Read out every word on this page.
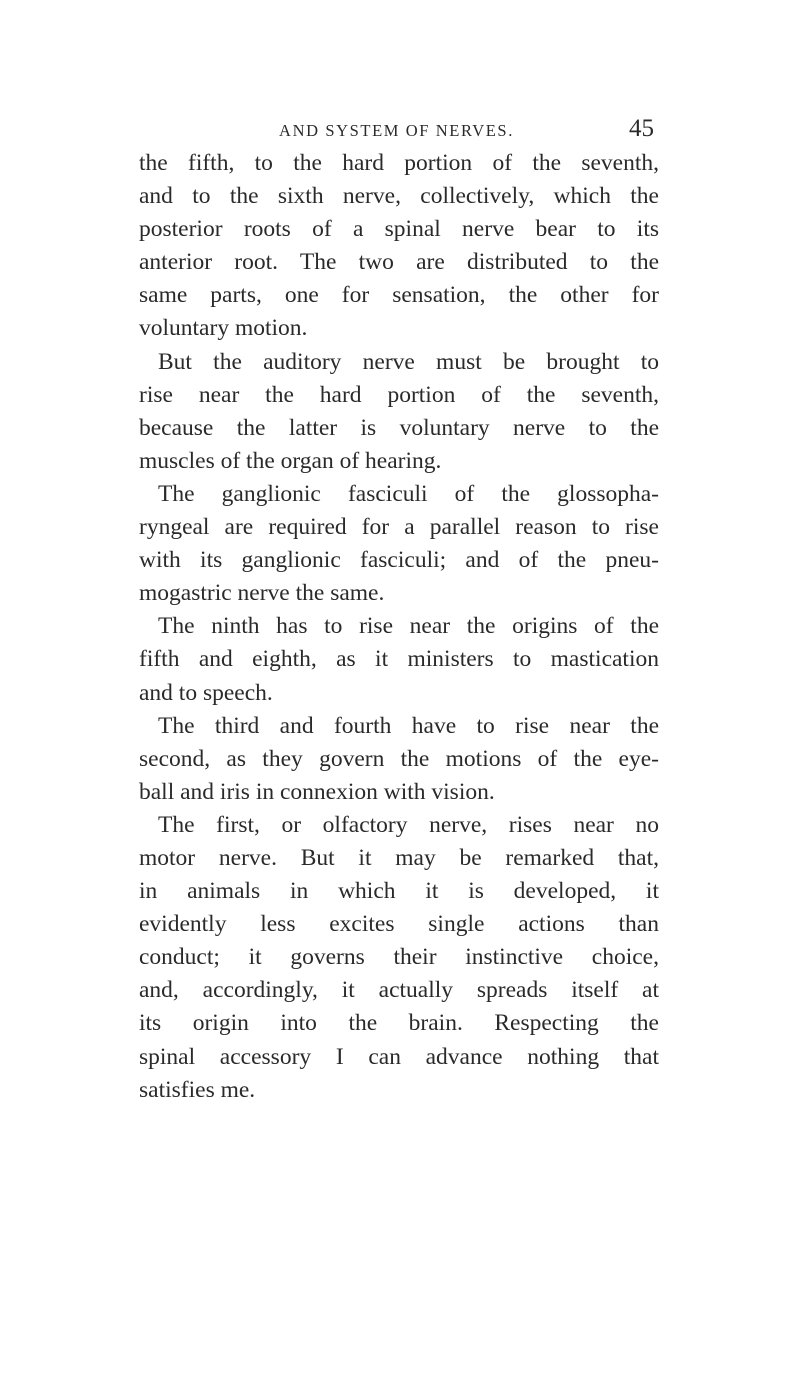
AND SYSTEM OF NERVES.	45
the fifth, to the hard portion of the seventh,
and to the sixth nerve, collectively, which the
posterior roots of a spinal nerve bear to its
anterior root. The two are distributed to the
same parts, one for sensation, the other for
voluntary motion.
But the auditory nerve must be brought to
rise near the hard portion of the seventh,
because the latter is voluntary nerve to the
muscles of the organ of hearing.
The ganglionic fasciculi of the glossopha-
ryngeal are required for a parallel reason to rise
with its ganglionic fasciculi; and of the pneu-
mogastric nerve the same.
The ninth has to rise near the origins of the
fifth and eighth, as it ministers to mastication
and to speech.
The third and fourth have to rise near the
second, as they govern the motions of the eye-
ball and iris in connexion with vision.
The first, or olfactory nerve, rises near no
motor nerve. But it may be remarked that,
in animals in which it is developed, it
evidently less excites single actions than
conduct; it governs their instinctive choice,
and, accordingly, it actually spreads itself at
its origin into the brain. Respecting the
spinal accessory I can advance nothing that
satisfies me.
